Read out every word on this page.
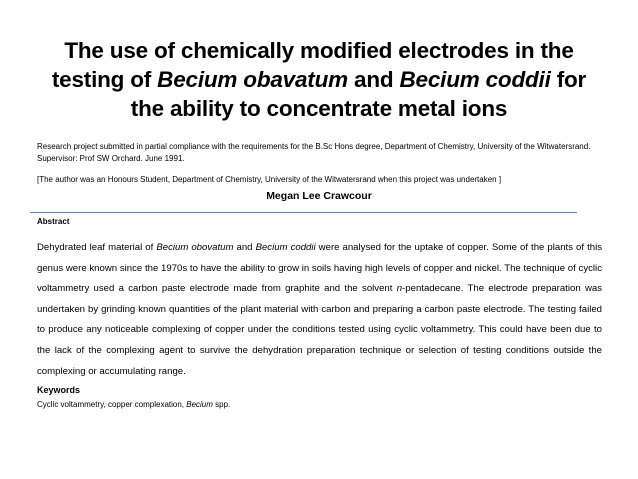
The use of chemically modified electrodes in the
testing of Becium obavatum and Becium coddii for
the ability to concentrate metal ions
Research project submitted in partial compliance with the requirements for the B.Sc Hons degree, Department of Chemistry, University of the Witwatersrand. Supervisor: Prof SW Orchard. June 1991.
[The author was an Honours Student, Department of Chemistry, University of the Witwatersrand when this project was undertaken ]
Megan Lee Crawcour
Abstract
Dehydrated leaf material of Becium obovatum and Becium coddii were analysed for the uptake of copper. Some of the plants of this genus were known since the 1970s to have the ability to grow in soils having high levels of copper and nickel. The technique of cyclic voltammetry used a carbon paste electrode made from graphite and the solvent n-pentadecane. The electrode preparation was undertaken by grinding known quantities of the plant material with carbon and preparing a carbon paste electrode. The testing failed to produce any noticeable complexing of copper under the conditions tested using cyclic voltammetry. This could have been due to the lack of the complexing agent to survive the dehydration preparation technique or selection of testing conditions outside the complexing or accumulating range.
Keywords
Cyclic voltammetry, copper complexation, Becium spp.
